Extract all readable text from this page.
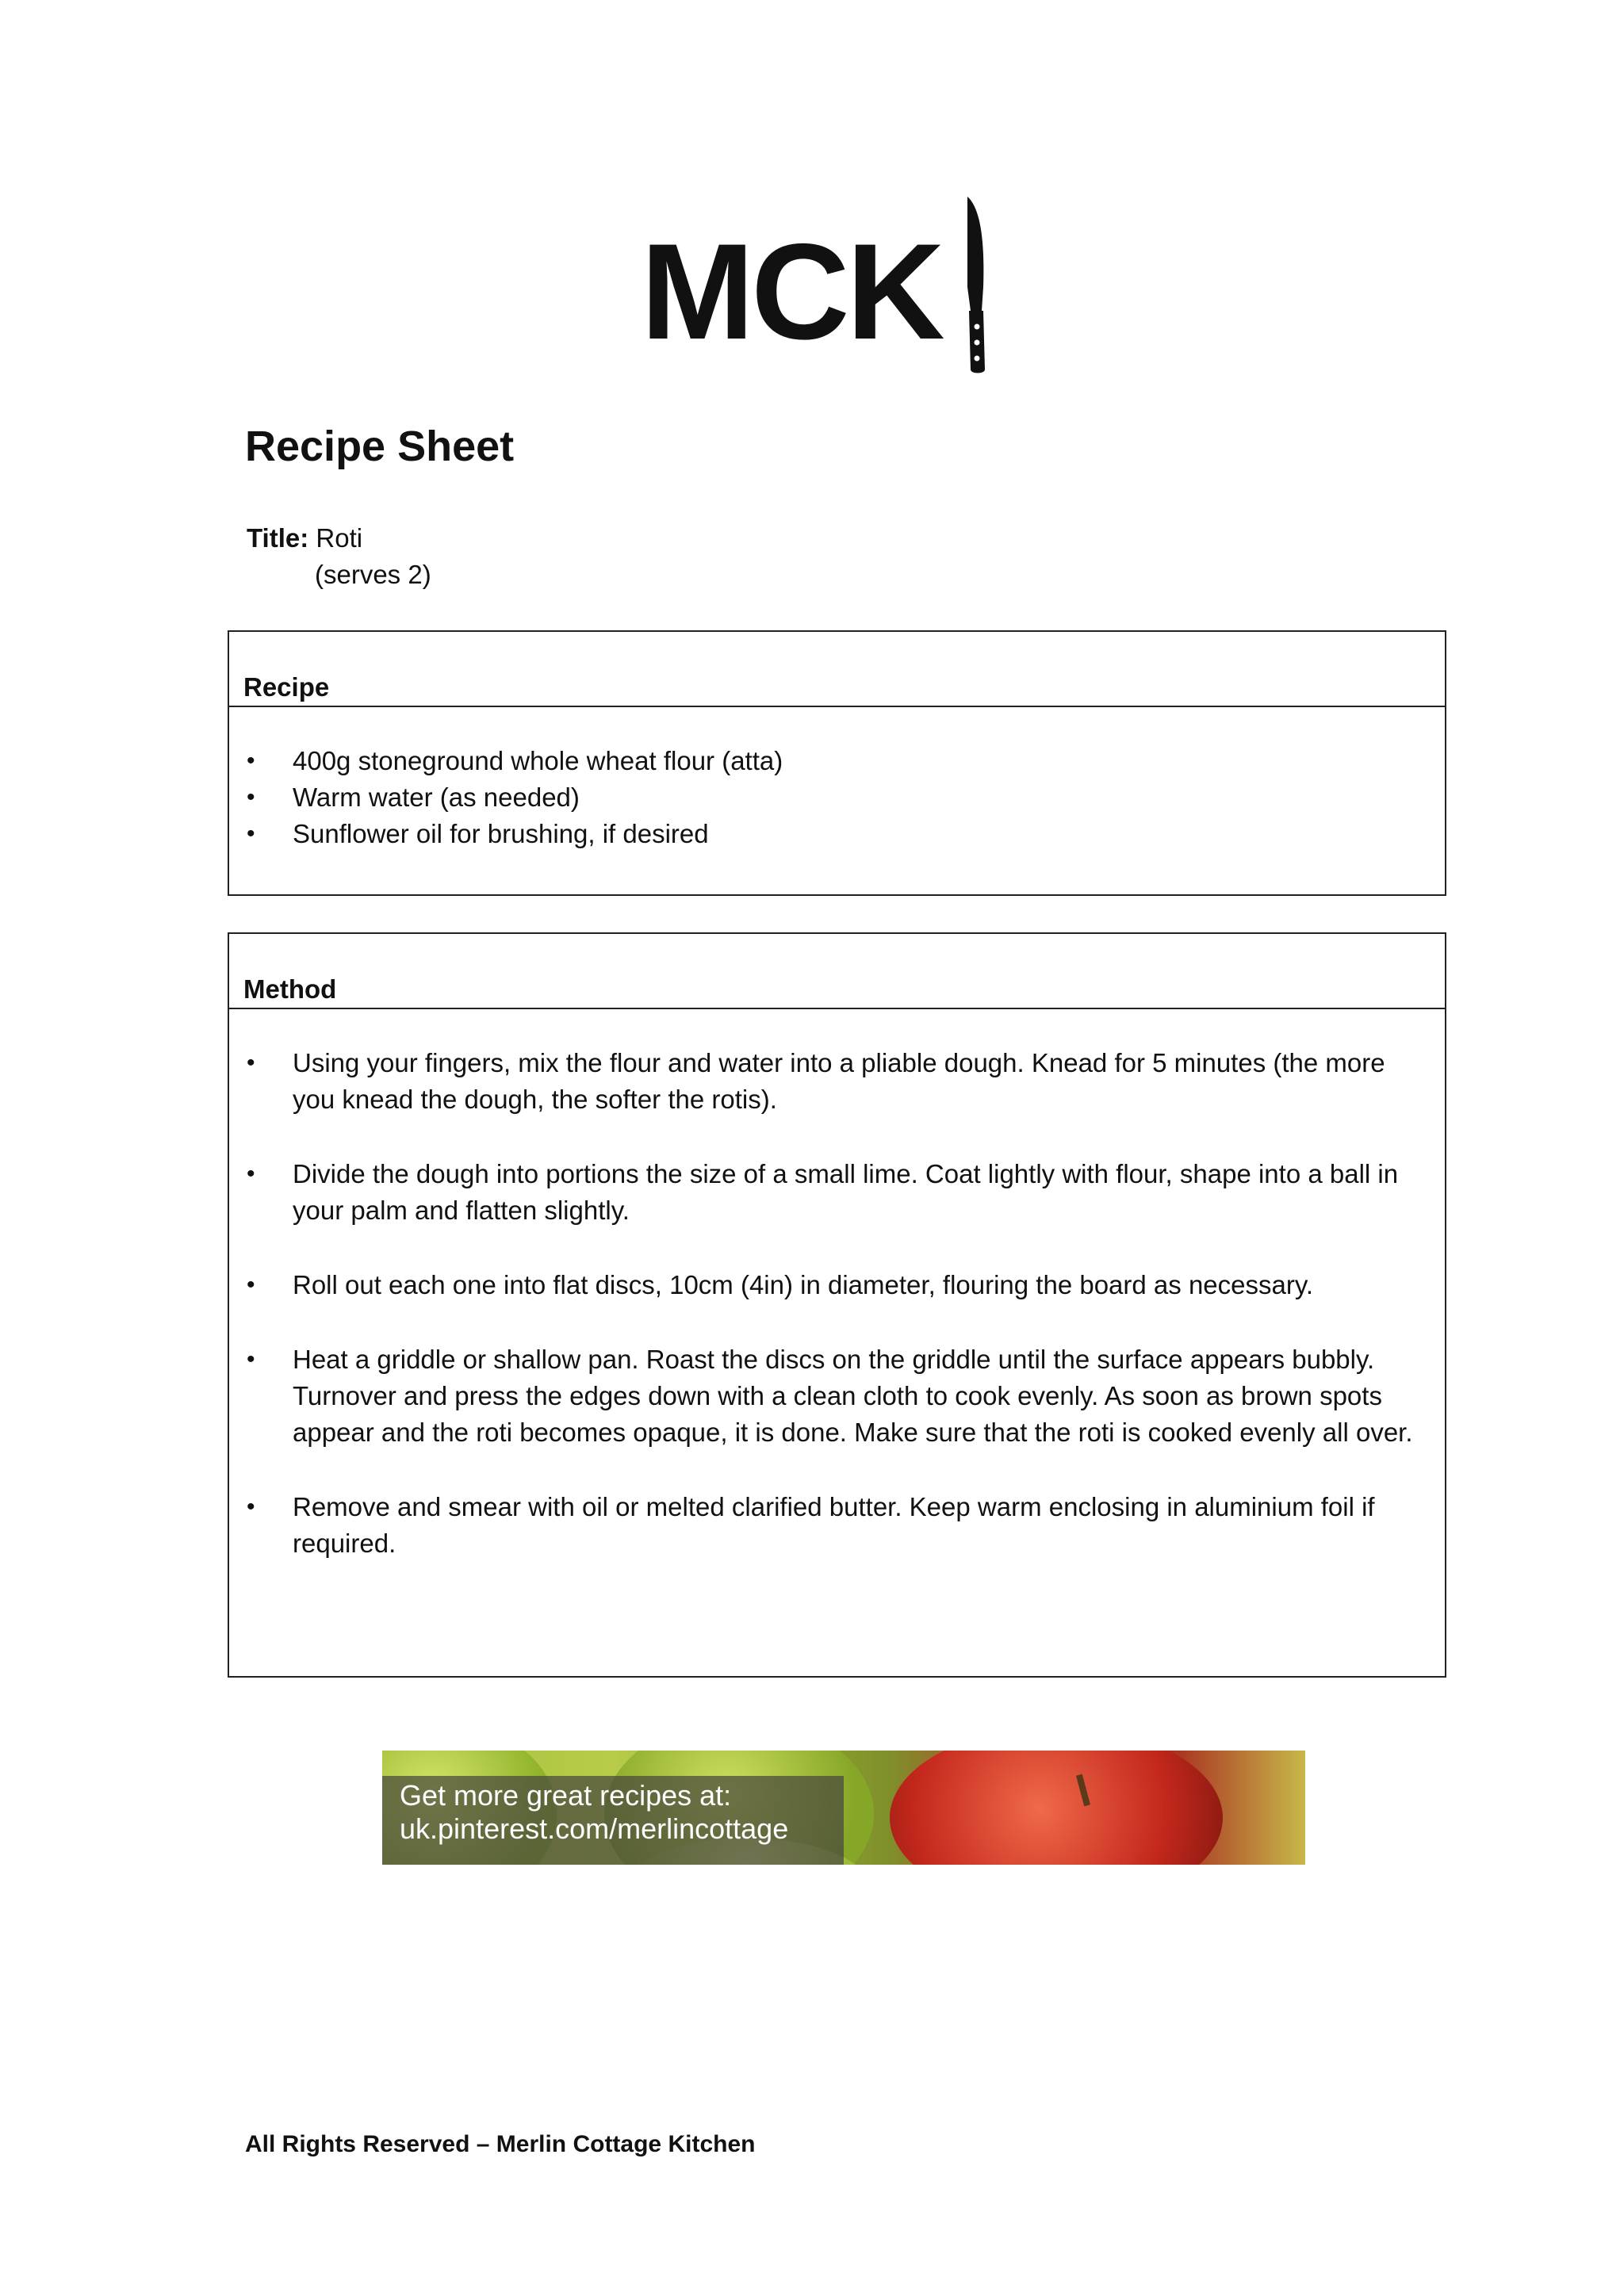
MCK
Recipe Sheet
Title: Roti
(serves 2)
Recipe
• 400g stoneground whole wheat flour (atta)
• Warm water (as needed)
• Sunflower oil for brushing, if desired
Method
• Using your fingers, mix the flour and water into a pliable dough. Knead for 5 minutes (the more you knead the dough, the softer the rotis).
• Divide the dough into portions the size of a small lime. Coat lightly with flour, shape into a ball in your palm and flatten slightly.
• Roll out each one into flat discs, 10cm (4in) in diameter, flouring the board as necessary.
• Heat a griddle or shallow pan. Roast the discs on the griddle until the surface appears bubbly. Turnover and press the edges down with a clean cloth to cook evenly. As soon as brown spots appear and the roti becomes opaque, it is done. Make sure that the roti is cooked evenly all over.
• Remove and smear with oil or melted clarified butter. Keep warm enclosing in aluminium foil if required.
Get more great recipes at:
uk.pinterest.com/merlincottage
All Rights Reserved – Merlin Cottage Kitchen
